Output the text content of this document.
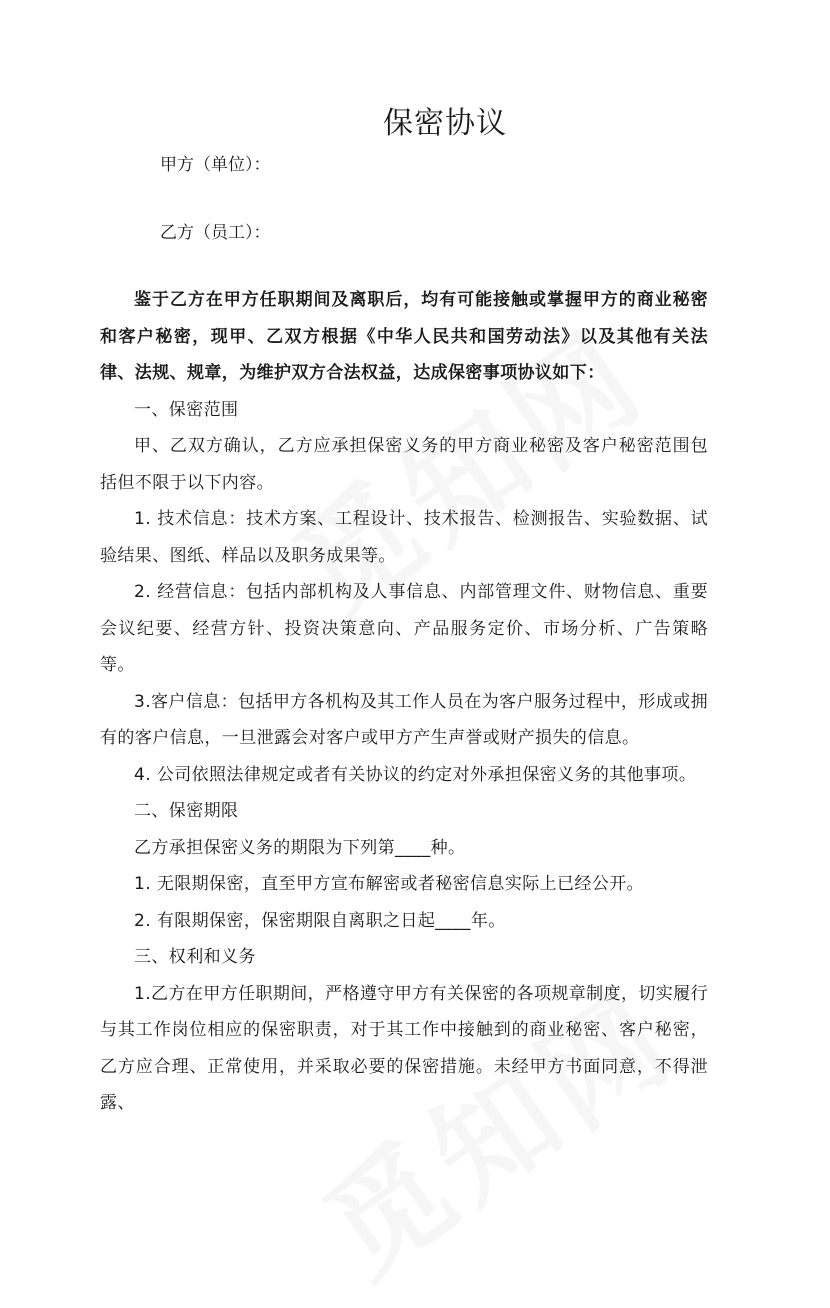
保密协议
甲方（单位）：
乙方（员工）：

鉴于乙方在甲方任职期间及离职后，均有可能接触或掌握甲方的商业秘密和客户秘密，现甲、乙双方根据《中华人民共和国劳动法》以及其他有关法律、法规、规章，为维护双方合法权益，达成保密事项协议如下：

一、保密范围

甲、乙双方确认，乙方应承担保密义务的甲方商业秘密及客户秘密范围包括但不限于以下内容。

1. 技术信息：技术方案、工程设计、技术报告、检测报告、实验数据、试验结果、图纸、样品以及职务成果等。

2. 经营信息：包括内部机构及人事信息、内部管理文件、财物信息、重要会议纪要、经营方针、投资决策意向、产品服务定价、市场分析、广告策略等。

3.客户信息：包括甲方各机构及其工作人员在为客户服务过程中，形成或拥有的客户信息，一旦泄露会对客户或甲方产生声誉或财产损失的信息。

4. 公司依照法律规定或者有关协议的约定对外承担保密义务的其他事项。

二、保密期限

乙方承担保密义务的期限为下列第____种。

1. 无限期保密，直至甲方宣布解密或者秘密信息实际上已经公开。

2. 有限期保密，保密期限自离职之日起____年。

三、权利和义务

1.乙方在甲方任职期间，严格遵守甲方有关保密的各项规章制度，切实履行与其工作岗位相应的保密职责，对于其工作中接触到的商业秘密、客户秘密，乙方应合理、正常使用，并采取必要的保密措施。未经甲方书面同意，不得泄露、
